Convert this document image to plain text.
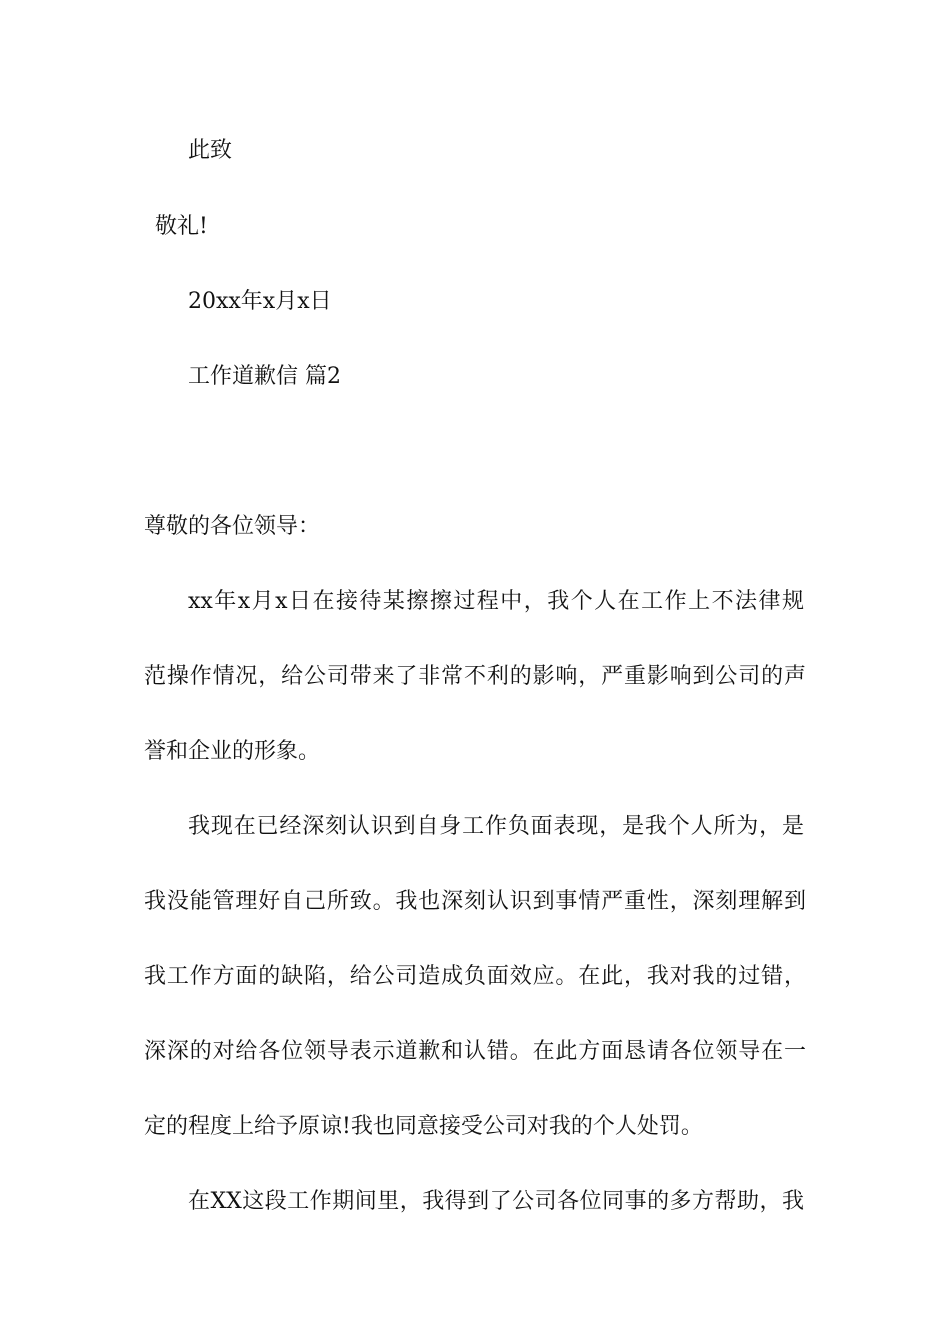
此致
敬礼!
20xx年x月x日
工作道歉信 篇2
尊敬的各位领导：
xx年x月x日在接待某擦擦过程中，我个人在工作上不法律规
范操作情况，给公司带来了非常不利的影响，严重影响到公司的声
誉和企业的形象。
我现在已经深刻认识到自身工作负面表现，是我个人所为，是
我没能管理好自己所致。我也深刻认识到事情严重性，深刻理解到
我工作方面的缺陷，给公司造成负面效应。在此，我对我的过错，
深深的对给各位领导表示道歉和认错。在此方面恳请各位领导在一
定的程度上给予原谅!我也同意接受公司对我的个人处罚。
在XX这段工作期间里，我得到了公司各位同事的多方帮助，我
